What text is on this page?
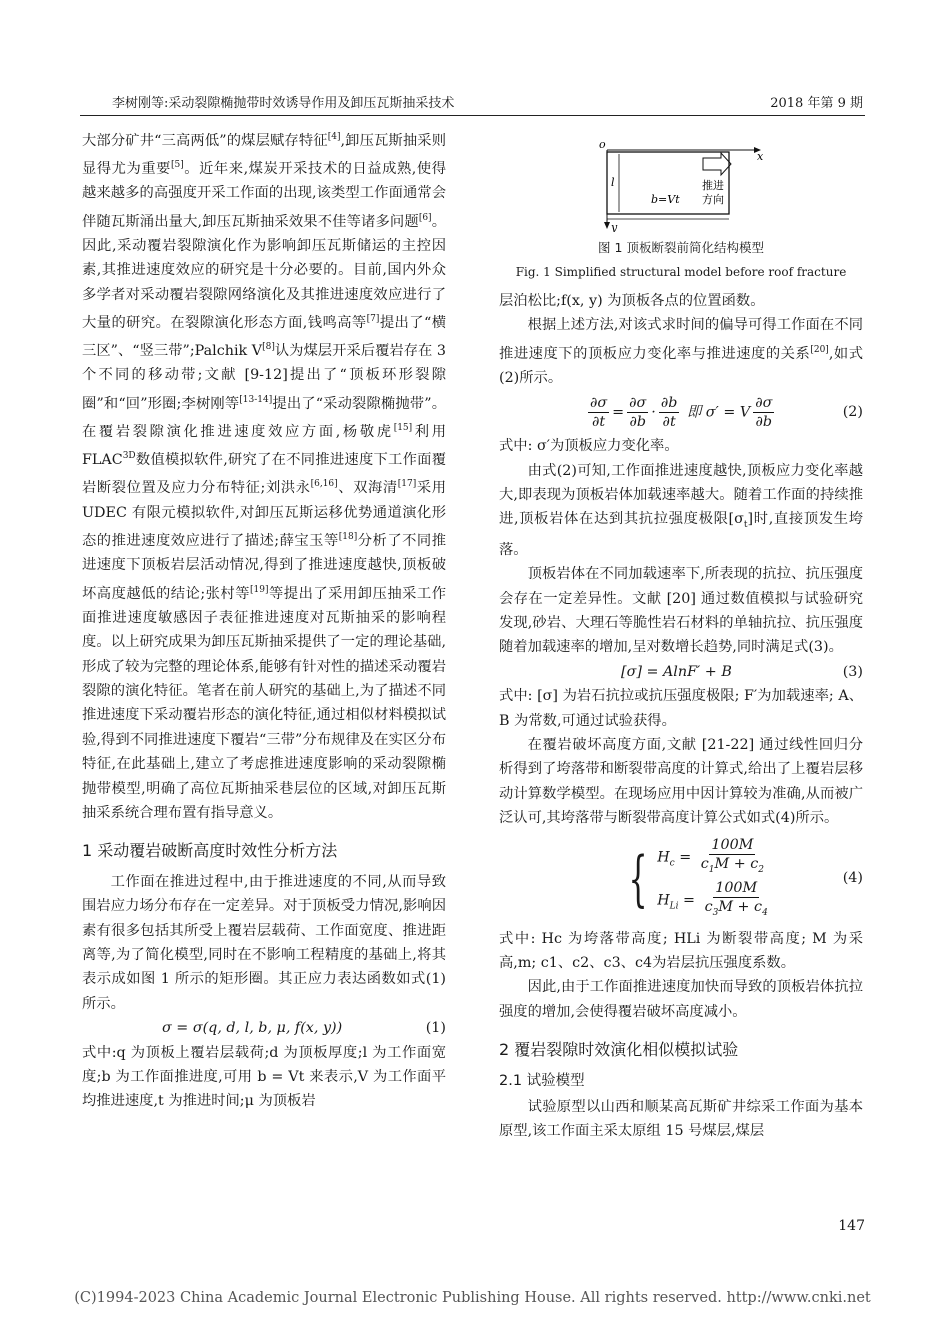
李树刚等:采动裂隙椭抛带时效诱导作用及卸压瓦斯抽采技术	2018 年第 9 期

大部分矿井“三高两低”的煤层赋存特征[4],卸压瓦斯抽采则显得尤为重要[5]。近年来,煤炭开采技术的日益成熟,使得越来越多的高强度开采工作面的出现,该类型工作面通常会伴随瓦斯涌出量大,卸压瓦斯抽采效果不佳等诸多问题[6]。因此,采动覆岩裂隙演化作为影响卸压瓦斯储运的主控因素,其推进速度效应的研究是十分必要的。目前,国内外众多学者对采动覆岩裂隙网络演化及其推进速度效应进行了大量的研究。在裂隙演化形态方面,钱鸣高等[7]提出了“横三区”、“竖三带”;Palchik V[8]认为煤层开采后覆岩存在 3 个不同的移动带;文献 [9-12]提出了“顶板环形裂隙圈”和“回”形圈;李树刚等[13-14]提出了“采动裂隙椭抛带”。在覆岩裂隙演化推进速度效应方面,杨敬虎[15]利用 $FLAC^{3D}$数值模拟软件,研究了在不同推进速度下工作面覆岩断裂位置及应力分布特征;刘洪永[6,16]、双海清[17]采用 UDEC 有限元模拟软件,对卸压瓦斯运移优势通道演化形态的推进速度效应进行了描述;薛宝玉等[18]分析了不同推进速度下顶板岩层活动情况,得到了推进速度越快,顶板破坏高度越低的结论;张村等[19]等提出了采用卸压抽采工作面推进速度敏感因子表征推进速度对瓦斯抽采的影响程度。以上研究成果为卸压瓦斯抽采提供了一定的理论基础,形成了较为完整的理论体系,能够有针对性的描述采动覆岩裂隙的演化特征。笔者在前人研究的基础上,为了描述不同推进速度下采动覆岩形态的演化特征,通过相似材料模拟试验,得到不同推进速度下覆岩“三带”分布规律及在实区分布特征,在此基础上,建立了考虑推进速度影响的采动裂隙椭抛带模型,明确了高位瓦斯抽采巷层位的区域,对卸压瓦斯抽采系统合理布置有指导意义。

1 采动覆岩破断高度时效性分析方法

工作面在推进过程中,由于推进速度的不同,从而导致围岩应力场分布存在一定差异。对于顶板受力情况,影响因素有很多包括其所受上覆岩层载荷、工作面宽度、推进距离等,为了简化模型,同时在不影响工程精度的基础上,将其表示成如图 1 所示的矩形圈。其正应力表达函数如式(1)所示。

σ = σ(q, d, l, b, μ, f(x, y))	(1)

式中:q 为顶板上覆岩层载荷;d 为顶板厚度;l 为工作面宽度;b 为工作面推进度,可用 b = Vt 来表示,V 为工作面平均推进速度,t 为推进时间;μ 为顶板岩

o
x
y
l
b=Vt
推进
方向
图 1 顶板断裂前简化结构模型
Fig. 1 Simplified structural model before roof fracture

层泊松比;f(x, y) 为顶板各点的位置函数。

根据上述方法,对该式求时间的偏导可得工作面在不同推进速度下的顶板应力变化率与推进速度的关系[20],如式(2)所示。

$\frac{\partial\sigma}{\partial t} = \frac{\partial\sigma}{\partial b} \cdot \frac{\partial b}{\partial t}$ 即 σ′ = V $\frac{\partial\sigma}{\partial b}$	(2)

式中: σ′为顶板应力变化率。

由式(2)可知,工作面推进速度越快,顶板应力变化率越大,即表现为顶板岩体加载速率越大。随着工作面的持续推进,顶板岩体在达到其抗拉强度极限$[\sigma_t]$时,直接顶发生垮落。

顶板岩体在不同加载速率下,所表现的抗拉、抗压强度会存在一定差异性。文献 [20] 通过数值模拟与试验研究发现,砂岩、大理石等脆性岩石材料的单轴抗拉、抗压强度随着加载速率的增加,呈对数增长趋势,同时满足式(3)。

[σ] = AlnF′ + B	(3)

式中: [σ] 为岩石抗拉或抗压强度极限; F′为加载速率; A、B 为常数,可通过试验获得。

在覆岩破坏高度方面,文献 [21-22] 通过线性回归分析得到了垮落带和断裂带高度的计算式,给出了上覆岩层移动计算数学模型。在现场应用中因计算较为准确,从而被广泛认可,其垮落带与断裂带高度计算公式如式(4)所示。

{ $H_c = \frac{100M}{c_1M + c_2}$
$H_{Li} = \frac{100M}{c_3M + c_4}$
(4)

式中: Hc 为垮落带高度; HLi 为断裂带高度; M 为采高,m; c1、c2、c3、c4为岩层抗压强度系数。

因此,由于工作面推进速度加快而导致的顶板岩体抗拉强度的增加,会使得覆岩破坏高度减小。

2 覆岩裂隙时效演化相似模拟试验
2.1 试验模型

试验原型以山西和顺某高瓦斯矿井综采工作面为基本原型,该工作面主采太原组 15 号煤层,煤层

147
(C)1994-2023 China Academic Journal Electronic Publishing House. All rights reserved. http://www.cnki.net
